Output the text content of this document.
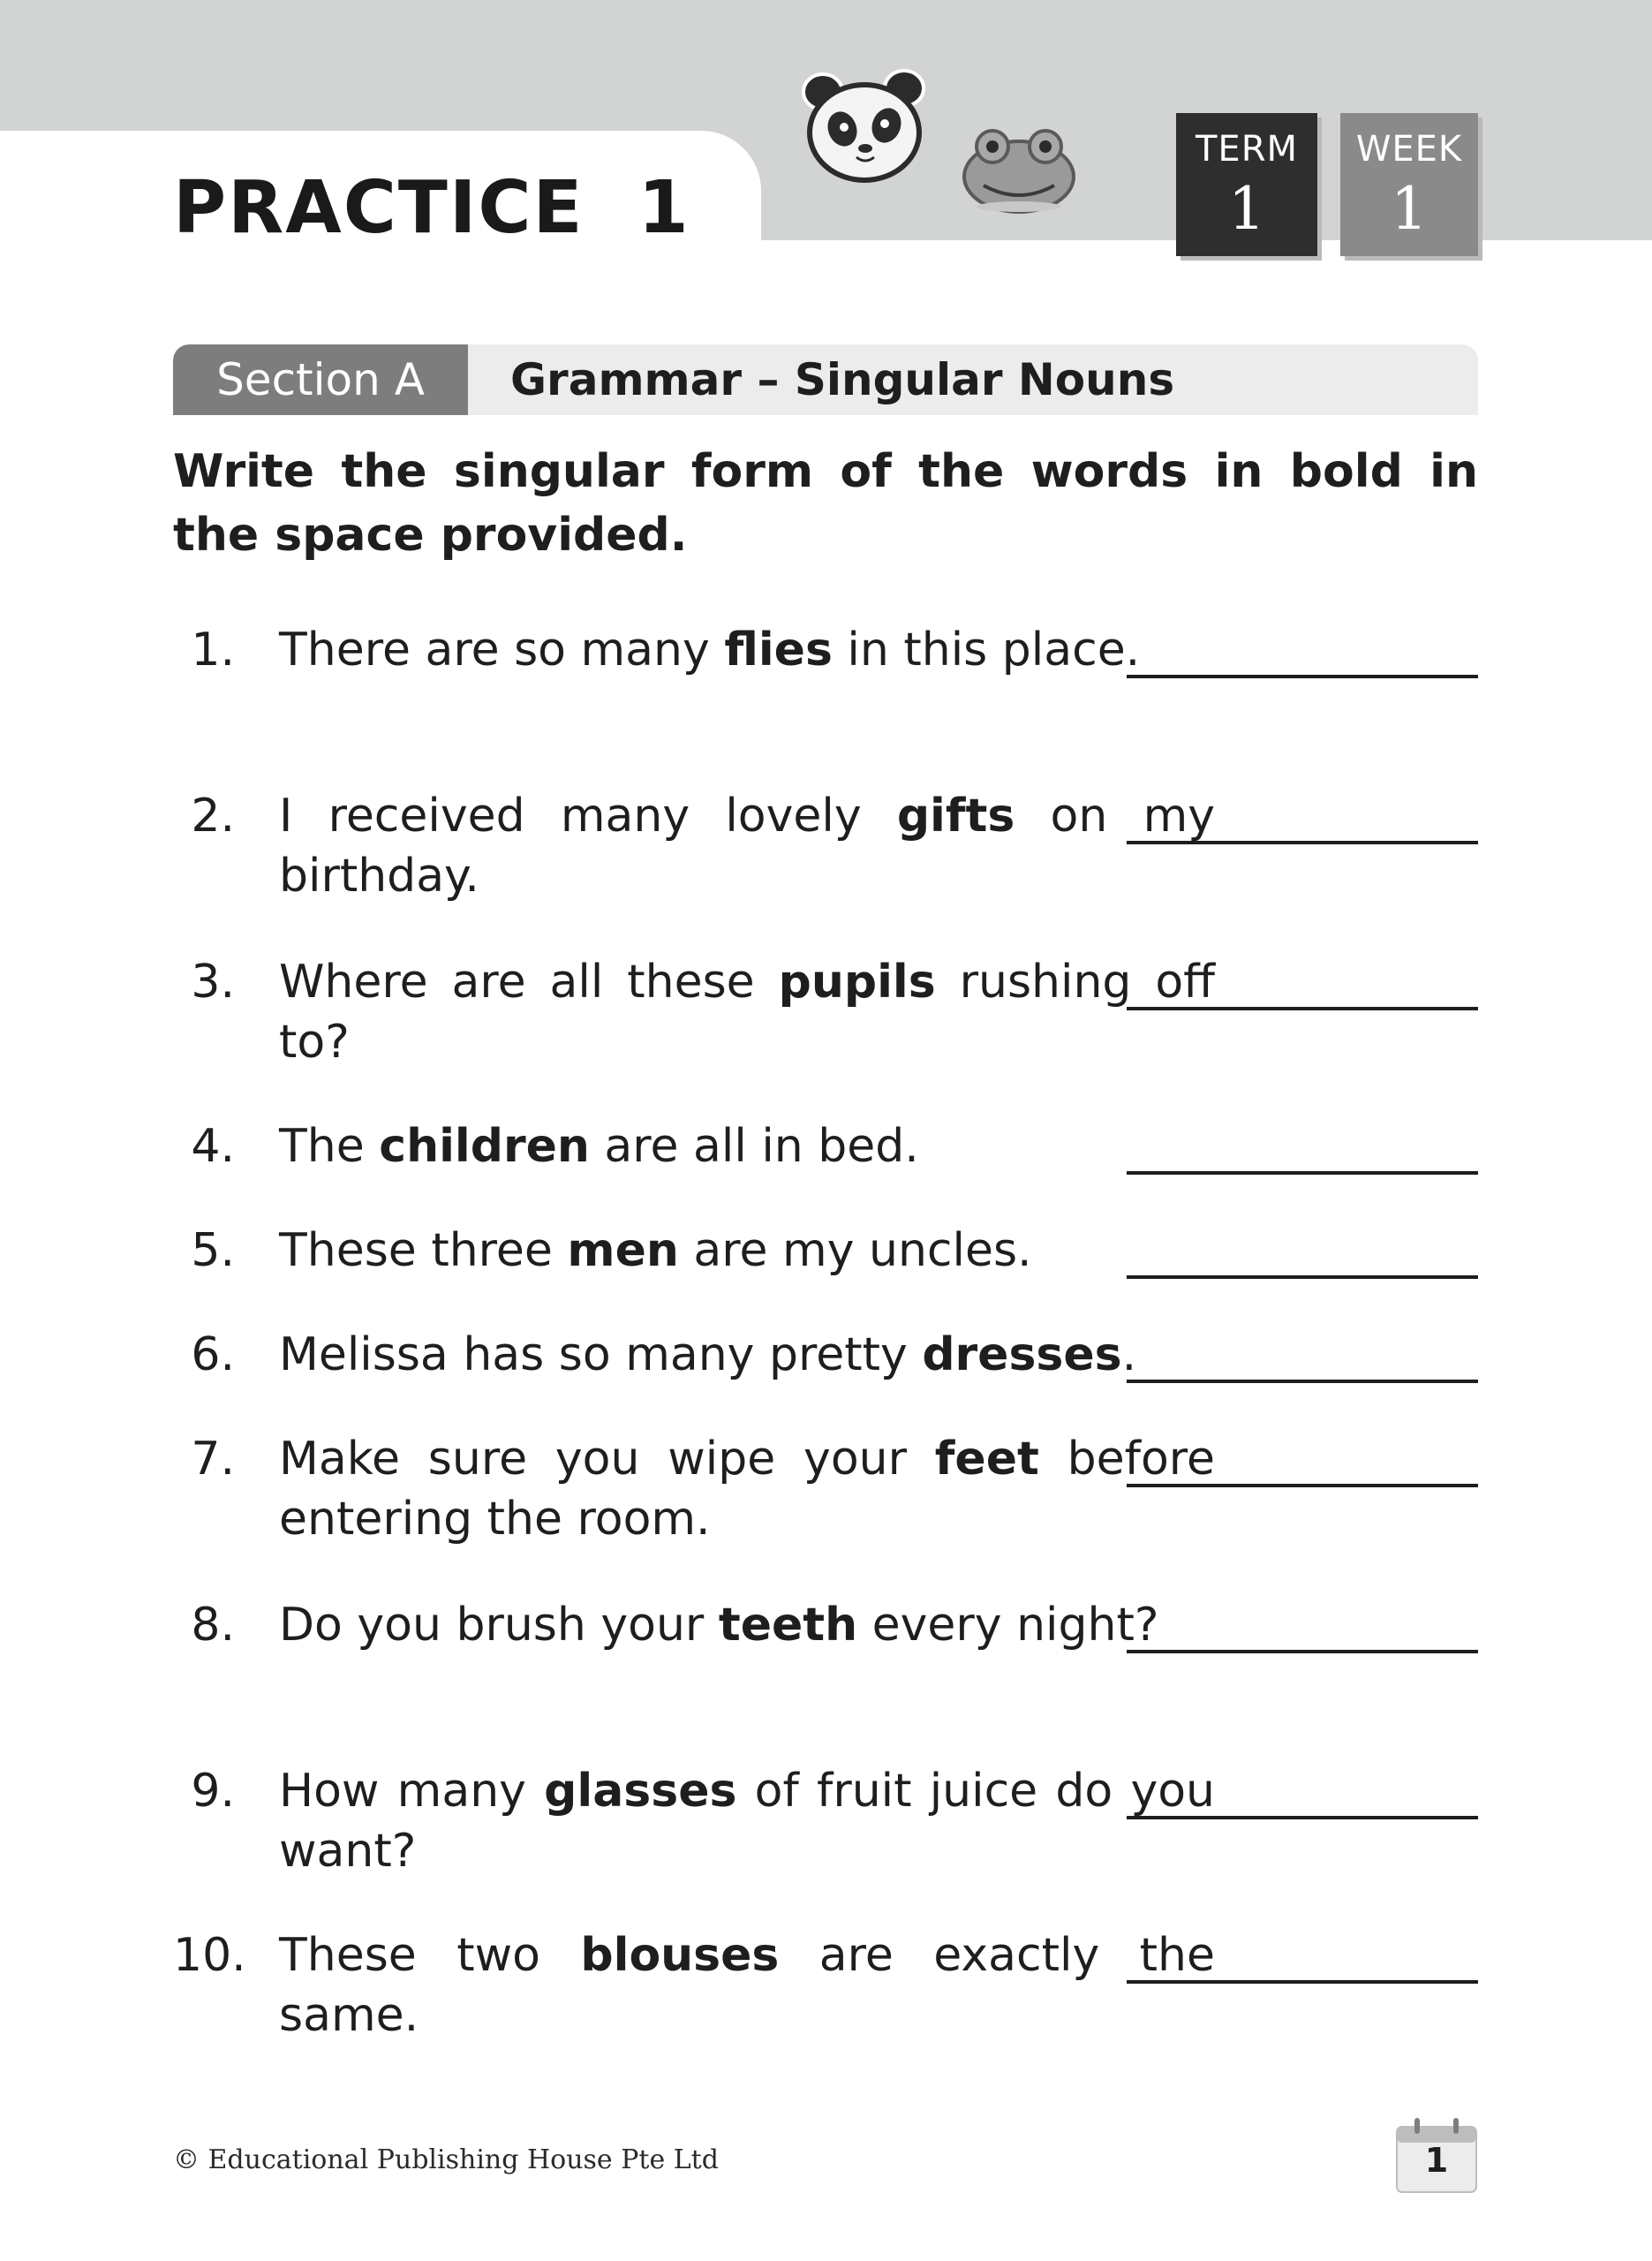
PRACTICE  1
TERM
1
WEEK
1
Section A	Grammar – Singular Nouns

Write the singular form of the words in bold in the space provided.

1. There are so many flies in this place.
2. I received many lovely gifts on my birthday.
3. Where are all these pupils rushing off to?
4. The children are all in bed.
5. These three men are my uncles.
6. Melissa has so many pretty dresses.
7. Make sure you wipe your feet before entering the room.
8. Do you brush your teeth every night?
9. How many glasses of fruit juice do you want?
10. These two blouses are exactly the same.
© Educational Publishing House Pte Ltd	1
